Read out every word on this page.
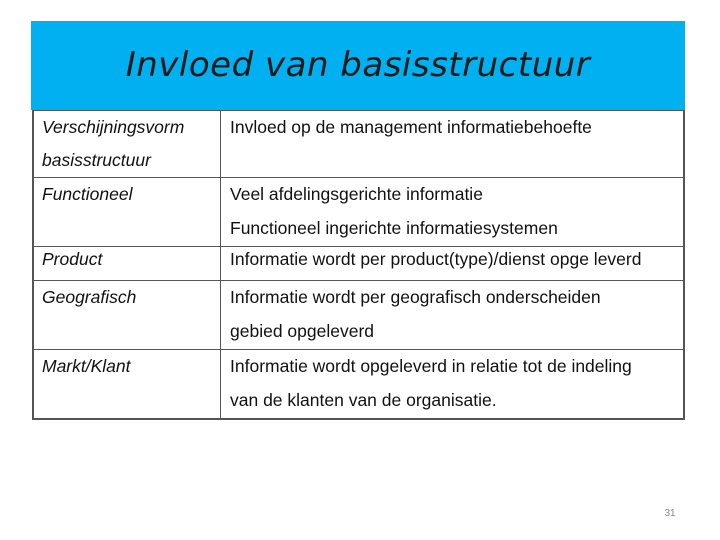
Invloed van basisstructuur
Verschijningsvorm
basisstructuur	Invloed op de management informatiebehoefte

Functioneel	Veel afdelingsgerichte informatie
Functioneel ingerichte informatiesystemen

Product	Informatie wordt per product(type)/dienst opge leverd

Geografisch	Informatie wordt per geografisch onderscheiden
gebied opgeleverd

Markt/Klant	Informatie wordt opgeleverd in relatie tot de indeling
van de klanten van de organisatie.
31
